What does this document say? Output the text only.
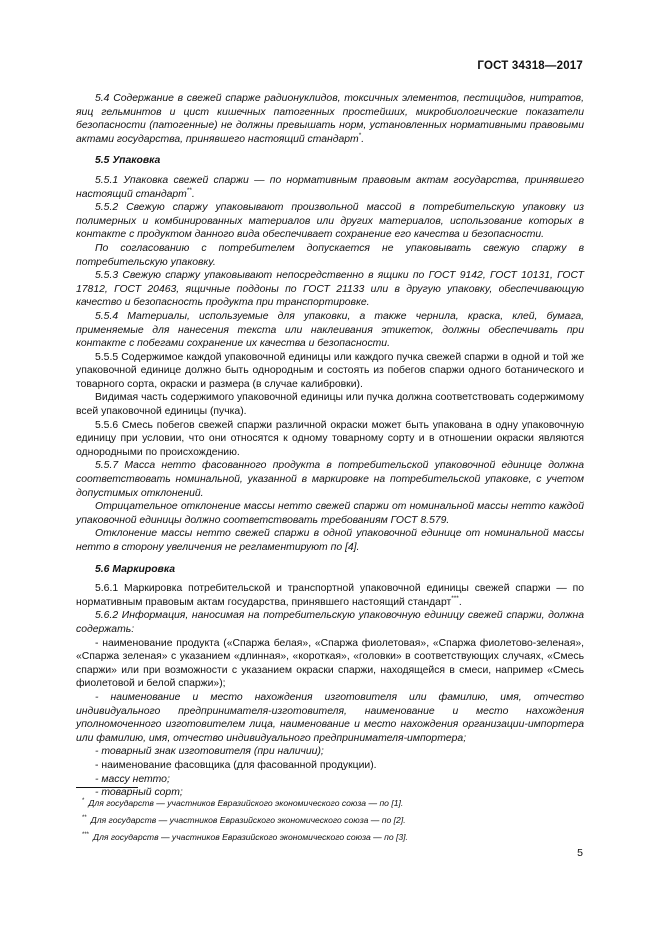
ГОСТ 34318—2017

5.4 Содержание в свежей спарже радионуклидов, токсичных элементов, пестицидов, нитратов, яиц гельминтов и цист кишечных патогенных простейших, микробиологические показатели безопасности (патогенные) не должны превышать норм, установленных нормативными правовыми актами государства, принявшего настоящий стандарт*.

5.5 Упаковка

5.5.1 Упаковка свежей спаржи — по нормативным правовым актам государства, принявшего настоящий стандарт**.

5.5.2 Свежую спаржу упаковывают произвольной массой в потребительскую упаковку из полимерных и комбинированных материалов или других материалов, использование которых в контакте с продуктом данного вида обеспечивает сохранение его качества и безопасности.

По согласованию с потребителем допускается не упаковывать свежую спаржу в потребительскую упаковку.

5.5.3 Свежую спаржу упаковывают непосредственно в ящики по ГОСТ 9142, ГОСТ 10131, ГОСТ 17812, ГОСТ 20463, ящичные поддоны по ГОСТ 21133 или в другую упаковку, обеспечивающую качество и безопасность продукта при транспортировке.

5.5.4 Материалы, используемые для упаковки, а также чернила, краска, клей, бумага, применяемые для нанесения текста или наклеивания этикеток, должны обеспечивать при контакте с побегами сохранение их качества и безопасности.

5.5.5 Содержимое каждой упаковочной единицы или каждого пучка свежей спаржи в одной и той же упаковочной единице должно быть однородным и состоять из побегов спаржи одного ботанического и товарного сорта, окраски и размера (в случае калибровки).

Видимая часть содержимого упаковочной единицы или пучка должна соответствовать содержимому всей упаковочной единицы (пучка).

5.5.6 Смесь побегов свежей спаржи различной окраски может быть упакована в одну упаковочную единицу при условии, что они относятся к одному товарному сорту и в отношении окраски являются однородными по происхождению.

5.5.7 Масса нетто фасованного продукта в потребительской упаковочной единице должна соответствовать номинальной, указанной в маркировке на потребительской упаковке, с учетом допустимых отклонений.

Отрицательное отклонение массы нетто свежей спаржи от номинальной массы нетто каждой упаковочной единицы должно соответствовать требованиям ГОСТ 8.579.

Отклонение массы нетто свежей спаржи в одной упаковочной единице от номинальной массы нетто в сторону увеличения не регламентируют по [4].

5.6 Маркировка

5.6.1 Маркировка потребительской и транспортной упаковочной единицы свежей спаржи — по нормативным правовым актам государства, принявшего настоящий стандарт***.

5.6.2 Информация, наносимая на потребительскую упаковочную единицу свежей спаржи, должна содержать:

- наименование продукта («Спаржа белая», «Спаржа фиолетовая», «Спаржа фиолетово-зеленая», «Спаржа зеленая» с указанием «длинная», «короткая», «головки» в соответствующих случаях, «Смесь спаржи» или при возможности с указанием окраски спаржи, находящейся в смеси, например «Смесь фиолетовой и белой спаржи»);

- наименование и место нахождения изготовителя или фамилию, имя, отчество индивидуального предпринимателя-изготовителя, наименование и место нахождения уполномоченного изготовителем лица, наименование и место нахождения организации-импортера или фамилию, имя, отчество индивидуального предпринимателя-импортера;

- товарный знак изготовителя (при наличии);

- наименование фасовщика (для фасованной продукции).

- массу нетто;

- товарный сорт;

* Для государств — участников Евразийского экономического союза — по [1].

** Для государств — участников Евразийского экономического союза — по [2].

*** Для государств — участников Евразийского экономического союза — по [3].

5
